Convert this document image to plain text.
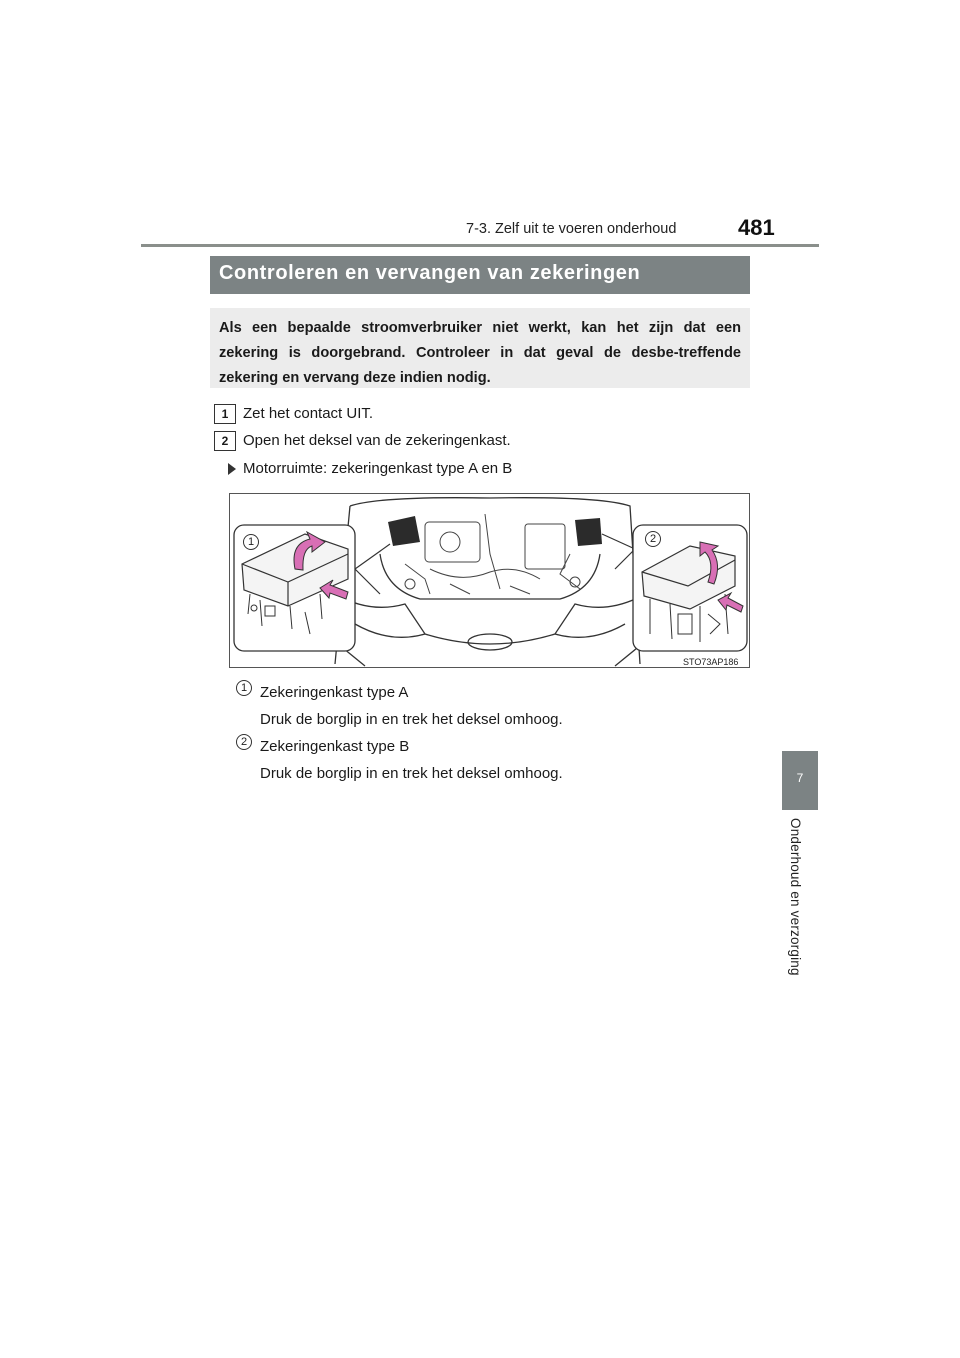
7-3. Zelf uit te voeren onderhoud	481
7
Onderhoud en verzorging
Controleren en vervangen van zekeringen
Als een bepaalde stroomverbruiker niet werkt, kan het zijn dat een zekering is doorgebrand. Controleer in dat geval de desbe-treffende zekering en vervang deze indien nodig.
1 Zet het contact UIT.
2 Open het deksel van de zekeringenkast.
Motorruimte: zekeringenkast type A en B
1	2
STO73AP186
1 Zekeringenkast type A
Druk de borglip in en trek het deksel omhoog.
2 Zekeringenkast type B
Druk de borglip in en trek het deksel omhoog.
